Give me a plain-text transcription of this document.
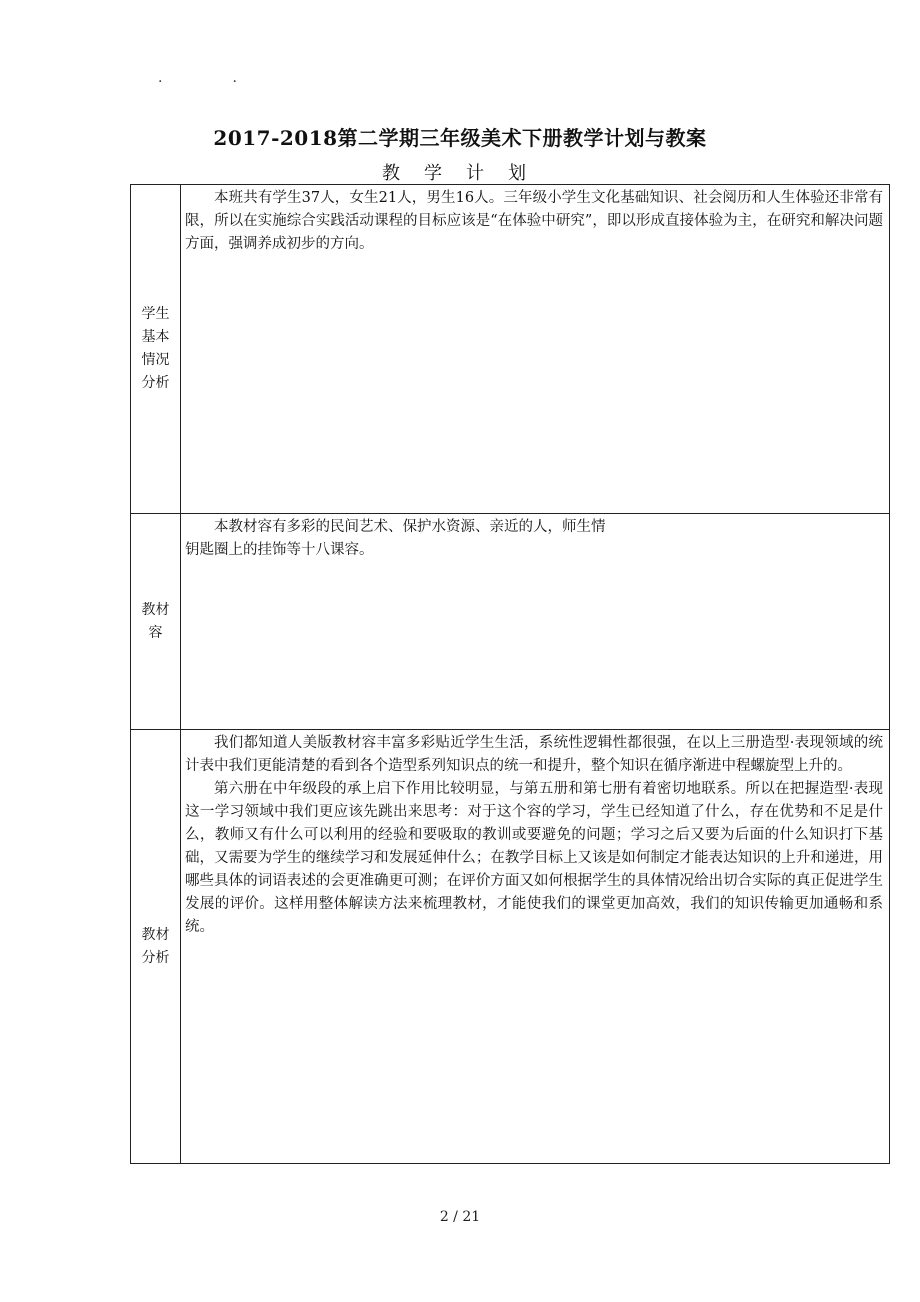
..
2017-2018第二学期三年级美术下册教学计划与教案
教学计划
学生基本情况分析	本班共有学生37人，女生21人，男生16人。三年级小学生文化基础知识、社会阅历和人生体验还非常有限，所以在实施综合实践活动课程的目标应该是“在体验中研究”，即以形成直接体验为主，在研究和解决问题方面，强调养成初步的方向。

教材容	本教材容有多彩的民间艺术、保护水资源、亲近的人，师生情

钥匙圈上的挂饰等十八课容。

教材分析	我们都知道人美版教材容丰富多彩贴近学生生活，系统性逻辑性都很强，在以上三册造型·表现领域的统计表中我们更能清楚的看到各个造型系列知识点的统一和提升，整个知识在循序渐进中程螺旋型上升的。

第六册在中年级段的承上启下作用比较明显，与第五册和第七册有着密切地联系。所以在把握造型·表现这一学习领域中我们更应该先跳出来思考：对于这个容的学习，学生已经知道了什么，存在优势和不足是什么，教师又有什么可以利用的经验和要吸取的教训或要避免的问题；学习之后又要为后面的什么知识打下基础，又需要为学生的继续学习和发展延伸什么；在教学目标上又该是如何制定才能表达知识的上升和递进，用哪些具体的词语表述的会更准确更可测；在评价方面又如何根据学生的具体情况给出切合实际的真正促进学生发展的评价。这样用整体解读方法来梳理教材，才能使我们的课堂更加高效，我们的知识传输更加通畅和系统。

2 / 21
